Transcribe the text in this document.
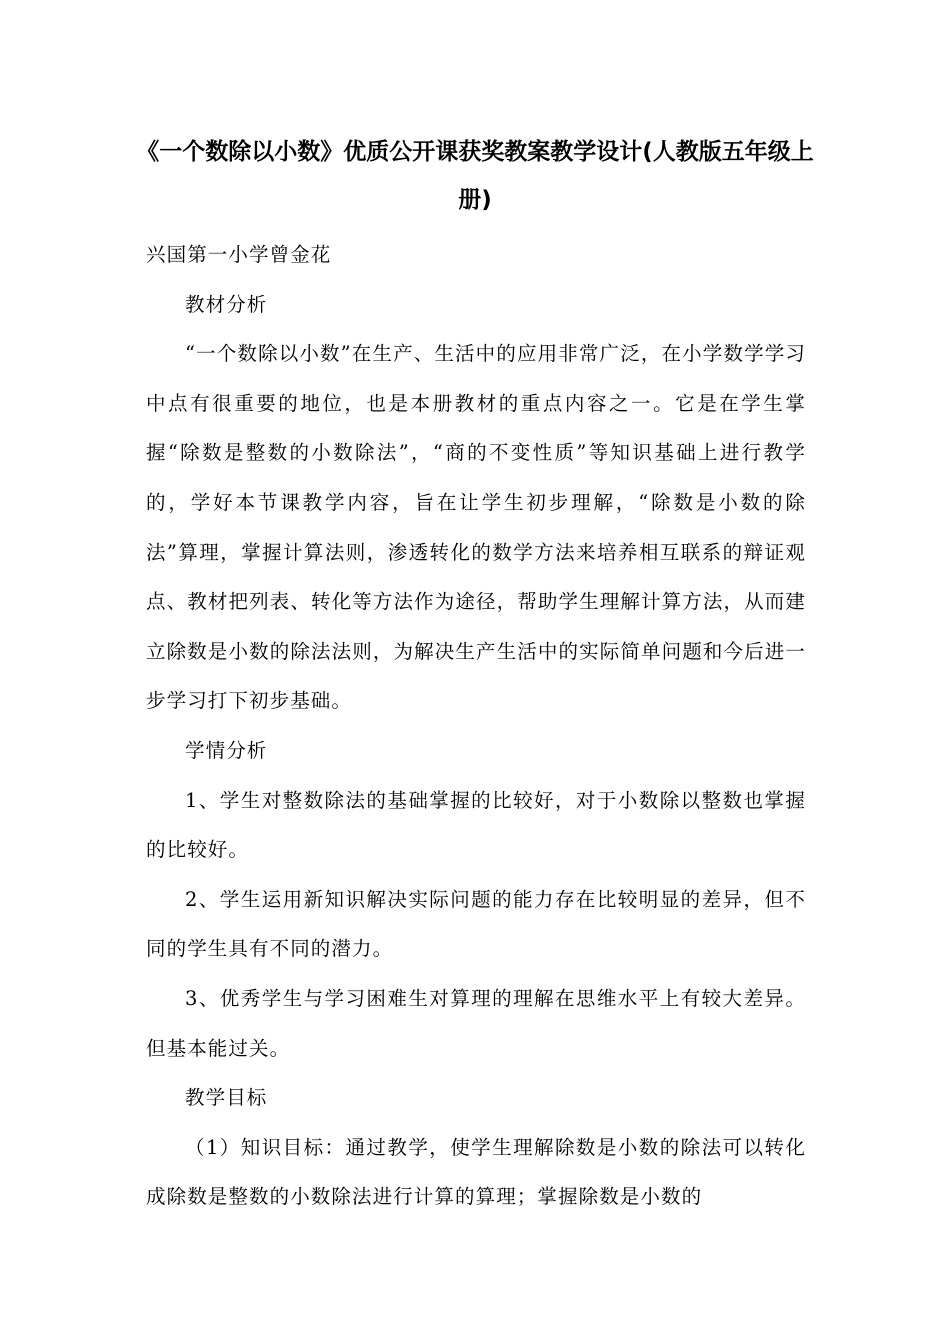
《一个数除以小数》优质公开课获奖教案教学设计(人教版五年级上册)

兴国第一小学曾金花

教材分析

“一个数除以小数”在生产、生活中的应用非常广泛，在小学数学学习中点有很重要的地位，也是本册教材的重点内容之一。它是在学生掌握“除数是整数的小数除法”，“商的不变性质”等知识基础上进行教学的，学好本节课教学内容，旨在让学生初步理解，“除数是小数的除法”算理，掌握计算法则，渗透转化的数学方法来培养相互联系的辩证观点、教材把列表、转化等方法作为途径，帮助学生理解计算方法，从而建立除数是小数的除法法则，为解决生产生活中的实际简单问题和今后进一步学习打下初步基础。

学情分析

1、学生对整数除法的基础掌握的比较好，对于小数除以整数也掌握的比较好。

2、学生运用新知识解决实际问题的能力存在比较明显的差异，但不同的学生具有不同的潜力。

3、优秀学生与学习困难生对算理的理解在思维水平上有较大差异。但基本能过关。

教学目标

（1）知识目标：通过教学，使学生理解除数是小数的除法可以转化成除数是整数的小数除法进行计算的算理；掌握除数是小数的
